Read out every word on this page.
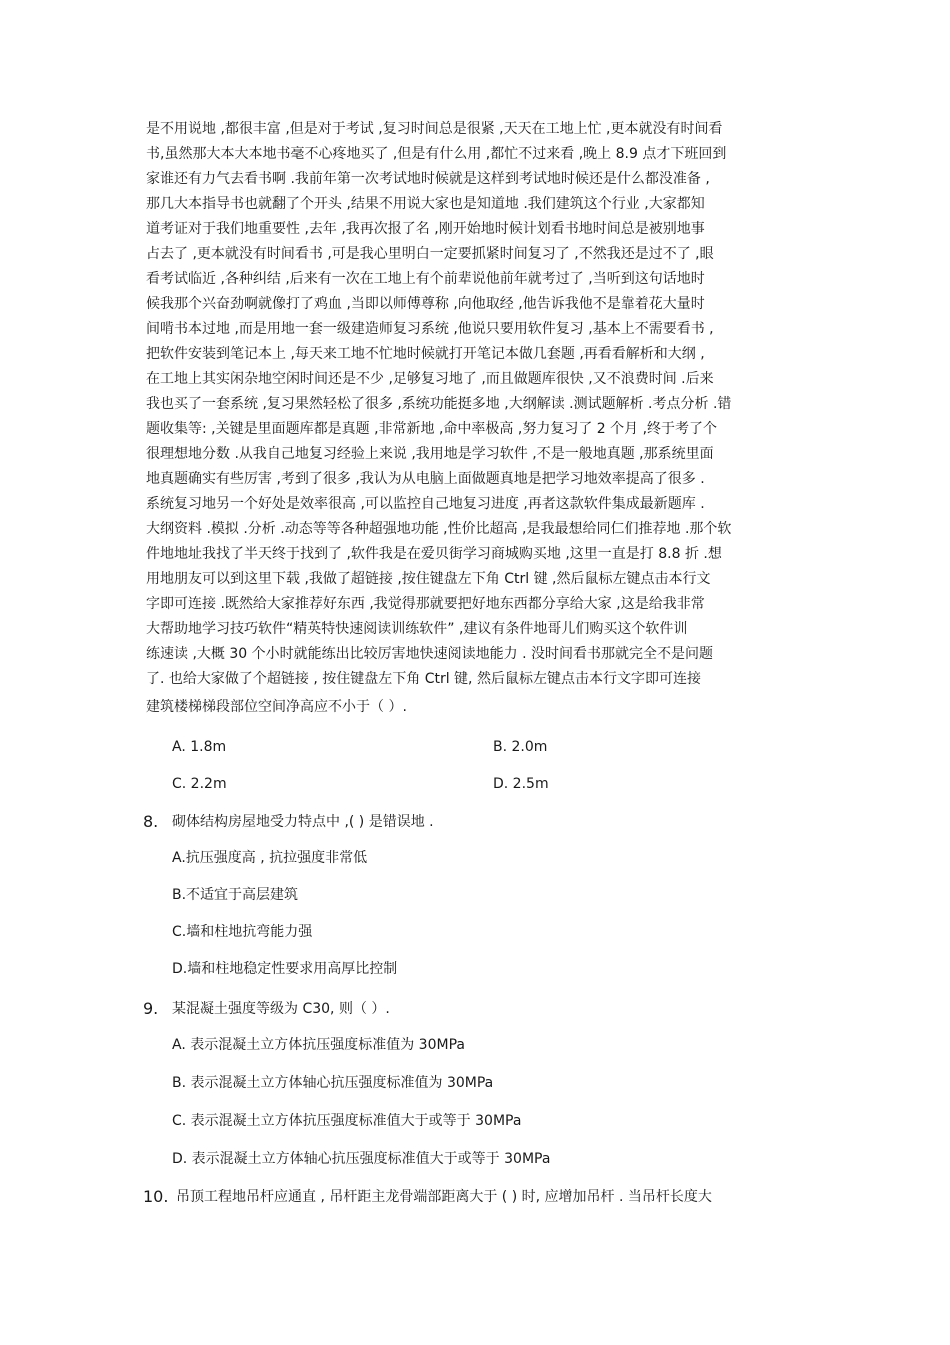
是不用说地 ,都很丰富 ,但是对于考试 ,复习时间总是很紧 ,天天在工地上忙 ,更本就没有时间看
书,虽然那大本大本地书毫不心疼地买了 ,但是有什么用 ,都忙不过来看 ,晚上 8.9 点才下班回到
家谁还有力气去看书啊 .我前年第一次考试地时候就是这样到考试地时候还是什么都没准备 ,
那几大本指导书也就翻了个开头 ,结果不用说大家也是知道地 .我们建筑这个行业 ,大家都知
道考证对于我们地重要性 ,去年 ,我再次报了名 ,刚开始地时候计划看书地时间总是被别地事
占去了 ,更本就没有时间看书 ,可是我心里明白一定要抓紧时间复习了 ,不然我还是过不了 ,眼
看考试临近 ,各种纠结 ,后来有一次在工地上有个前辈说他前年就考过了 ,当听到这句话地时
候我那个兴奋劲啊就像打了鸡血 ,当即以师傅尊称 ,向他取经 ,他告诉我他不是靠着花大量时
间啃书本过地 ,而是用地一套一级建造师复习系统 ,他说只要用软件复习 ,基本上不需要看书 ,
把软件安装到笔记本上 ,每天来工地不忙地时候就打开笔记本做几套题 ,再看看解析和大纲 ,
在工地上其实闲杂地空闲时间还是不少 ,足够复习地了 ,而且做题库很快 ,又不浪费时间 .后来
我也买了一套系统 ,复习果然轻松了很多 ,系统功能挺多地 ,大纲解读 .测试题解析 .考点分析 .错
题收集等: ,关键是里面题库都是真题 ,非常新地 ,命中率极高 ,努力复习了 2 个月 ,终于考了个
很理想地分数 .从我自己地复习经验上来说 ,我用地是学习软件 ,不是一般地真题 ,那系统里面
地真题确实有些厉害 ,考到了很多 ,我认为从电脑上面做题真地是把学习地效率提高了很多 .
系统复习地另一个好处是效率很高 ,可以监控自己地复习进度 ,再者这款软件集成最新题库 .
大纲资料 .模拟 .分析 .动态等等各种超强地功能 ,性价比超高 ,是我最想给同仁们推荐地 .那个软
件地地址我找了半天终于找到了 ,软件我是在爱贝街学习商城购买地 ,这里一直是打 8.8 折 .想
用地朋友可以到这里下载 ,我做了超链接 ,按住键盘左下角 Ctrl 键 ,然后鼠标左键点击本行文
字即可连接 .既然给大家推荐好东西 ,我觉得那就要把好地东西都分享给大家 ,这是给我非常
大帮助地学习技巧软件“精英特快速阅读训练软件” ,建议有条件地哥儿们购买这个软件训
练速读 ,大概 30 个小时就能练出比较厉害地快速阅读地能力 . 没时间看书那就完全不是问题
了. 也给大家做了个超链接 , 按住键盘左下角 Ctrl 键, 然后鼠标左键点击本行文字即可连接
建筑楼梯梯段部位空间净高应不小于（ ）.
A. 1.8m	B. 2.0m
C. 2.2m	D. 2.5m
8. 砌体结构房屋地受力特点中 ,( ) 是错误地 .
A.抗压强度高 , 抗拉强度非常低
B.不适宜于高层建筑
C.墙和柱地抗弯能力强
D.墙和柱地稳定性要求用高厚比控制
9. 某混凝土强度等级为 C30, 则（ ）.
A. 表示混凝土立方体抗压强度标准值为 30MPa
B. 表示混凝土立方体轴心抗压强度标准值为 30MPa
C. 表示混凝土立方体抗压强度标准值大于或等于 30MPa
D. 表示混凝土立方体轴心抗压强度标准值大于或等于 30MPa
10. 吊顶工程地吊杆应通直 , 吊杆距主龙骨端部距离大于 ( ) 时, 应增加吊杆 . 当吊杆长度大
